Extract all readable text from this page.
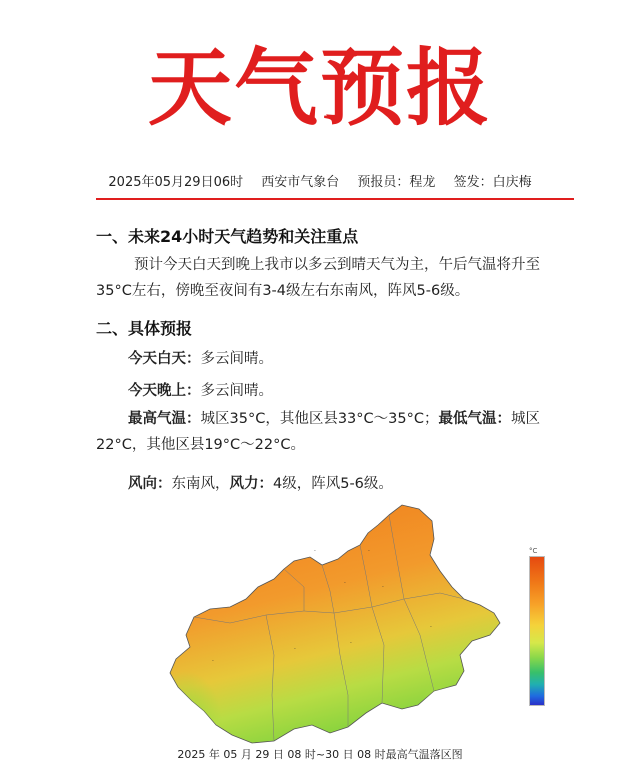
天气预报
2025年05月29日06时 西安市气象台 预报员：程龙 签发：白庆梅
一、未来24小时天气趋势和关注重点
预计今天白天到晚上我市以多云到晴天气为主，午后气温将升至35°C左右，傍晚至夜间有3-4级左右东南风，阵风5-6级。
二、具体预报
今天白天：多云间晴。
今天晚上：多云间晴。
最高气温：城区35°C，其他区县33°C～35°C；最低气温：城区22°C，其他区县19°C～22°C。
风向：东南风，风力：4级，阵风5-6级。
·	·
·
·
·
·
·
·
°C
2025 年 05 月 29 日 08 时~30 日 08 时最高气温落区图
